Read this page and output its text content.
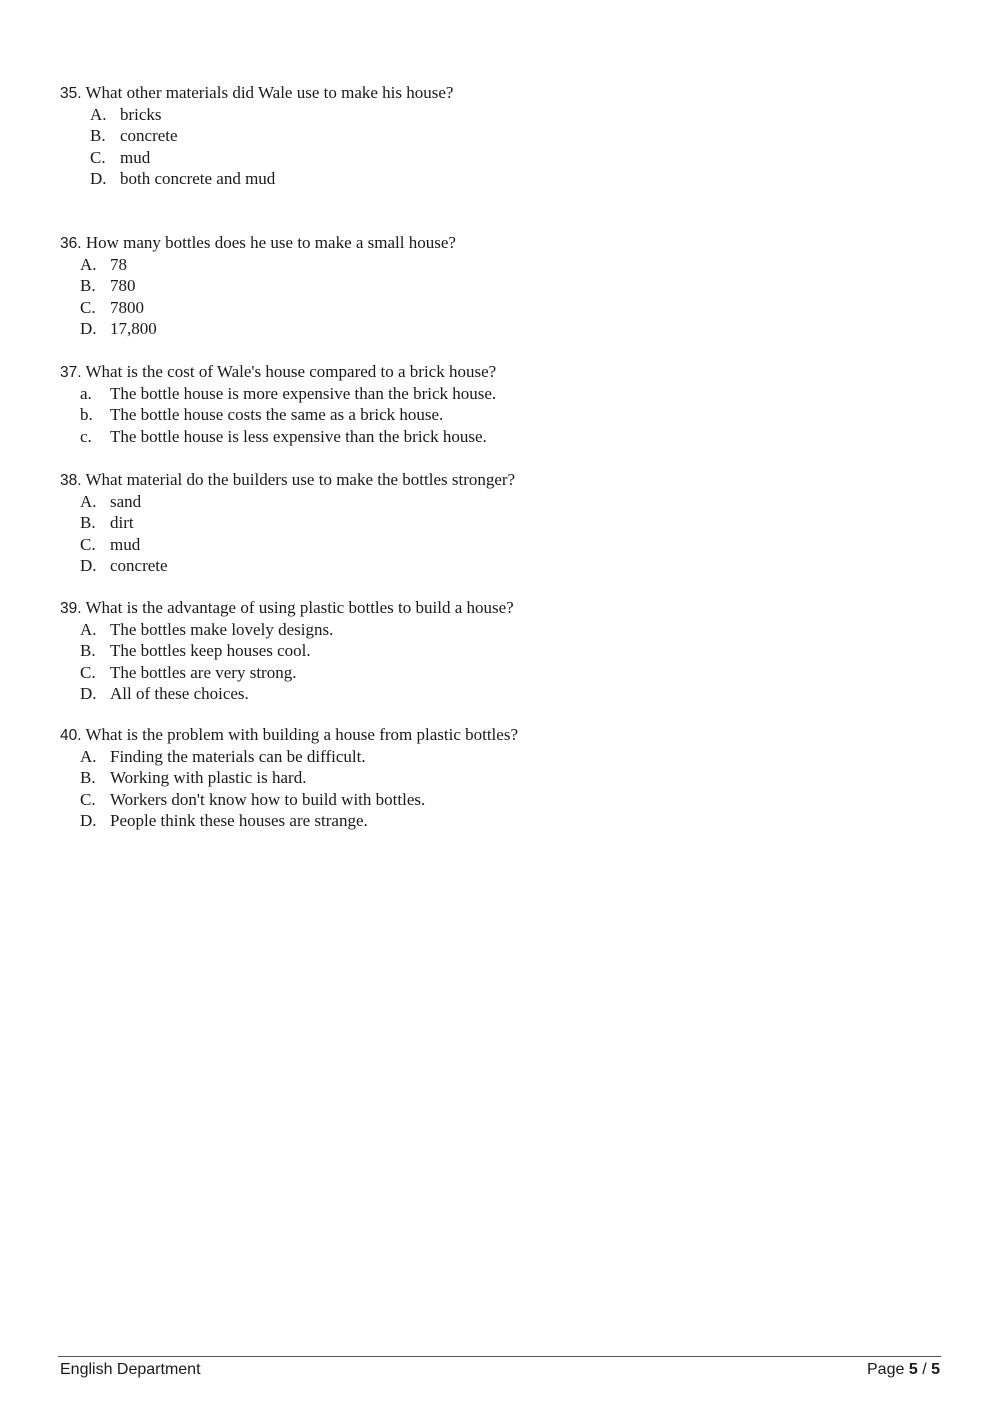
35. What other materials did Wale use to make his house?
A. bricks
B. concrete
C. mud
D. both concrete and mud
36. How many bottles does he use to make a small house?
A. 78
B. 780
C. 7800
D. 17,800
37. What is the cost of Wale's house compared to a brick house?
a.	The bottle house is more expensive than the brick house.
b.	The bottle house costs the same as a brick house.
c.	The bottle house is less expensive than the brick house.
38. What material do the builders use to make the bottles stronger?
A. sand
B. dirt
C. mud
D. concrete
39. What is the advantage of using plastic bottles to build a house?
A. The bottles make lovely designs.
B. The bottles keep houses cool.
C. The bottles are very strong.
D. All of these choices.
40. What is the problem with building a house from plastic bottles?
A. Finding the materials can be difficult.
B. Working with plastic is hard.
C. Workers don't know how to build with bottles.
D. People think these houses are strange.
English Department	Page 5 / 5
